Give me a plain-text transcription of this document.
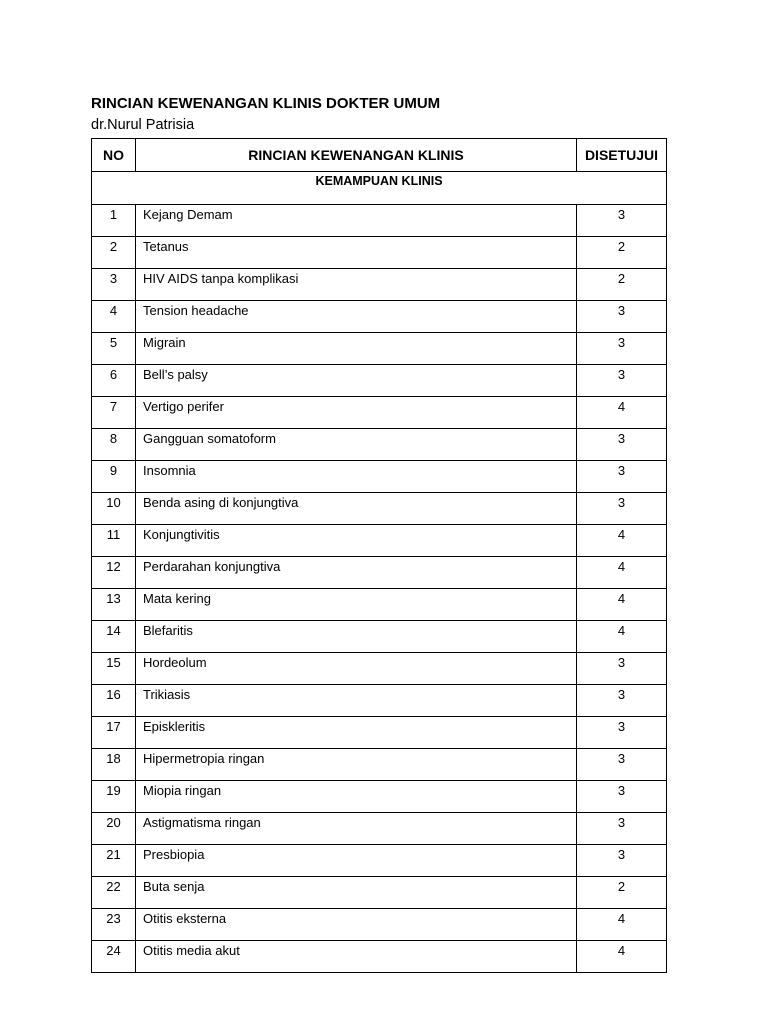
RINCIAN KEWENANGAN KLINIS DOKTER UMUM

dr.Nurul Patrisia

NO	RINCIAN KEWENANGAN KLINIS	DISETUJUI
KEMAMPUAN KLINIS		
1	Kejang Demam	3
2	Tetanus	2
3	HIV AIDS tanpa komplikasi	2
4	Tension headache	3
5	Migrain	3
6	Bell’s palsy	3
7	Vertigo perifer	4
8	Gangguan somatoform	3
9	Insomnia	3
10	Benda asing di konjungtiva	3
11	Konjungtivitis	4
12	Perdarahan konjungtiva	4
13	Mata kering	4
14	Blefaritis	4
15	Hordeolum	3
16	Trikiasis	3
17	Episkleritis	3
18	Hipermetropia ringan	3
19	Miopia ringan	3
20	Astigmatisma ringan	3
21	Presbiopia	3
22	Buta senja	2
23	Otitis eksterna	4
24	Otitis media akut	4
